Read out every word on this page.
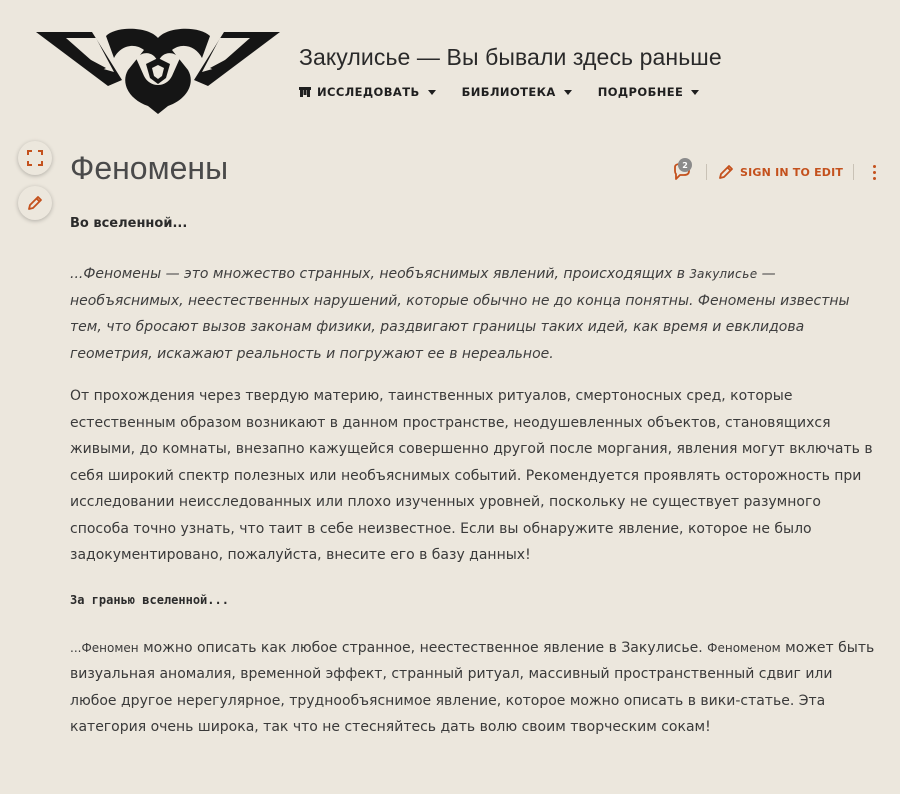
Закулисье — Вы бывали здесь раньше
ИССЛЕДОВАТЬ	БИБЛИОТЕКА	ПОДРОБНЕЕ
Феномены	2
SIGN IN TO EDIT
Во вселенной...

...Феномены — это множество странных, необъяснимых явлений, происходящих в Закулисье — необъяснимых, неестественных нарушений, которые обычно не до конца понятны. Феномены известны тем, что бросают вызов законам физики, раздвигают границы таких идей, как время и евклидова геометрия, искажают реальность и погружают ее в нереальное.

От прохождения через твердую материю, таинственных ритуалов, смертоносных сред, которые естественным образом возникают в данном пространстве, неодушевленных объектов, становящихся живыми, до комнаты, внезапно кажущейся совершенно другой после моргания, явления могут включать в себя широкий спектр полезных или необъяснимых событий. Рекомендуется проявлять осторожность при исследовании неисследованных или плохо изученных уровней, поскольку не существует разумного способа точно узнать, что таит в себе неизвестное. Если вы обнаружите явление, которое не было задокументировано, пожалуйста, внесите его в базу данных!

За гранью вселенной...

...Феномен можно описать как любое странное, неестественное явление в Закулисье. Феноменом может быть визуальная аномалия, временной эффект, странный ритуал, массивный пространственный сдвиг или любое другое нерегулярное, труднообъяснимое явление, которое можно описать в вики-статье. Эта категория очень широка, так что не стесняйтесь дать волю своим творческим сокам!
